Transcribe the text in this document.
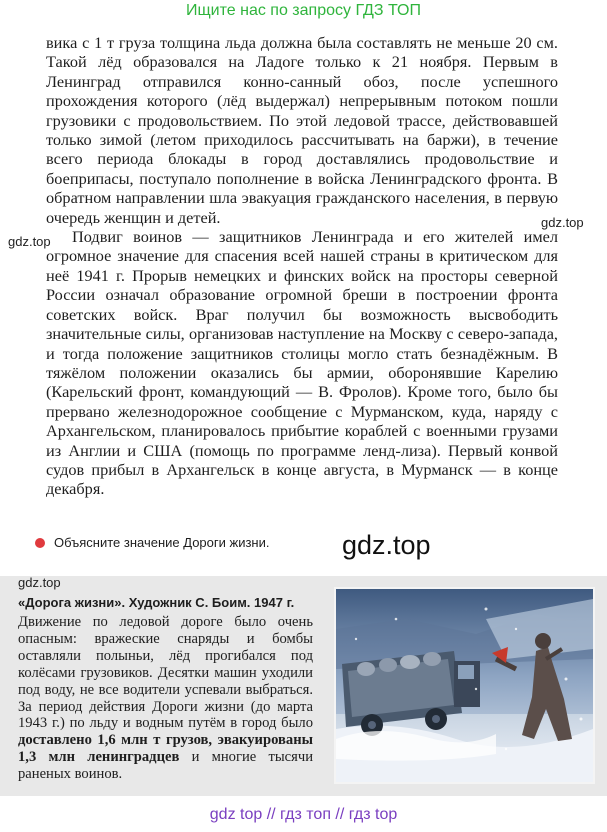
Ищите нас по запросу ГДЗ ТОП

вика с 1 т груза толщина льда должна была составлять не меньше 20 см. Такой лёд образовался на Ладоге только к 21 ноября. Первым в Ленинград отправился конно-санный обоз, после успешного прохождения которого (лёд выдержал) непрерывным потоком пошли грузовики с продовольствием. По этой ледовой трассе, действовавшей только зимой (летом приходилось рассчитывать на баржи), в течение всего периода блокады в город доставлялись продовольствие и боеприпасы, поступало пополнение в войска Ленинградского фронта. В обратном направлении шла эвакуация гражданского населения, в первую очередь женщин и детей.

Подвиг воинов — защитников Ленинграда и его жителей имел огромное значение для спасения всей нашей страны в критическом для неё 1941 г. Прорыв немецких и финских войск на просторы северной России означал образование огромной бреши в построении фронта советских войск. Враг получил бы возможность высвободить значительные силы, организовав наступление на Москву с северо-запада, и тогда положение защитников столицы могло стать безнадёжным. В тяжёлом положении оказались бы армии, оборонявшие Карелию (Карельский фронт, командующий — В. Фролов). Кроме того, было бы прервано железнодорожное сообщение с Мурманском, куда, наряду с Архангельском, планировалось прибытие кораблей с военными грузами из Англии и США (помощь по программе ленд-лиза). Первый конвой судов прибыл в Архангельск в конце августа, в Мурманск — в конце декабря.

gdz.top
gdz.top
Объясните значение Дороги жизни.	gdz.top
gdz.top
«Дорога жизни». Художник С. Боим. 1947 г.
Движение по ледовой дороге было очень опасным: вражеские снаряды и бомбы оставляли полыньи, лёд прогибался под колёсами грузовиков. Десятки машин уходили под воду, не все водители успевали выбраться. За период действия Дороги жизни (до марта 1943 г.) по льду и водным путём в город было доставлено 1,6 млн т грузов, эвакуированы 1,3 млн ленинградцев и многие тысячи раненых воинов.
gdz top // гдз топ // гдз top
